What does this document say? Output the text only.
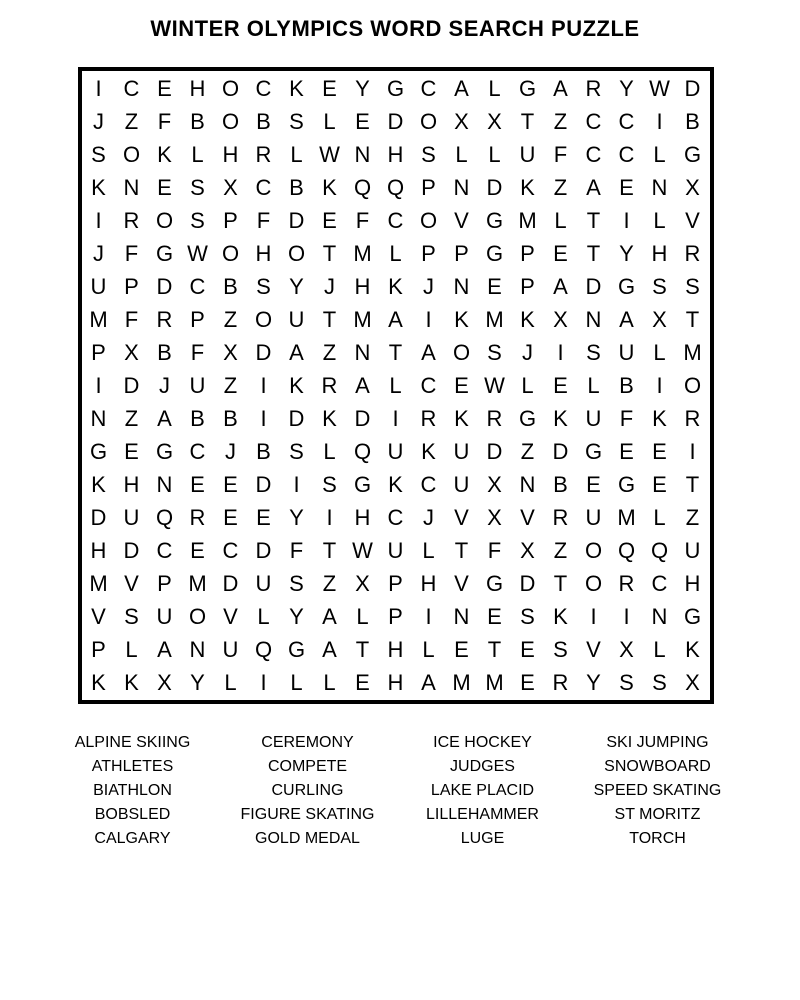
WINTER OLYMPICS WORD SEARCH PUZZLE
I C E H O C K E Y G C A L G A R Y W D
J Z F B O B S L E D O X X T Z C C	I	B
S O K L H R L W N H S L L U F C C L G
K N E S X C B K Q Q P N D K Z A E N X
I R O S P F D E F C O V G M L T	I	L V
J F G W O H O T M L P P G P E T Y H R
U P D C B S Y J H K J N E P A D G S S
M F R P Z O U T M A	I	K M K X N A X T
P X B F X D A Z N T A O S J	I	S U L M
I D J U Z	I	K R A L C E W L E L B	I O
N Z A B B	I D K D	I R K R G K U F K R
G E G C J B S L Q U K U D Z D G E E	I
K H N E E D	I	S G K C U X N B E G E T
D U Q R E E Y	I H C J V X V R U M L Z
H D C E C D F T W U L T F X Z O Q Q U
M V P M D U S Z X P H V G D T O R C H
V S U O V L Y A L P	I N E S K	I	I N G
P L A N U Q G A T H L E T E S V X L K
K K X Y L	I	L L E H A M M E R Y S S X
ALPINE SKIING	CEREMONY	ICE HOCKEY	SKI JUMPING
ATHLETES	COMPETE	JUDGES	SNOWBOARD
BIATHLON	CURLING	LAKE PLACID	SPEED SKATING
BOBSLED	FIGURE SKATING	LILLEHAMMER	ST MORITZ
CALGARY	GOLD MEDAL	LUGE	TORCH
